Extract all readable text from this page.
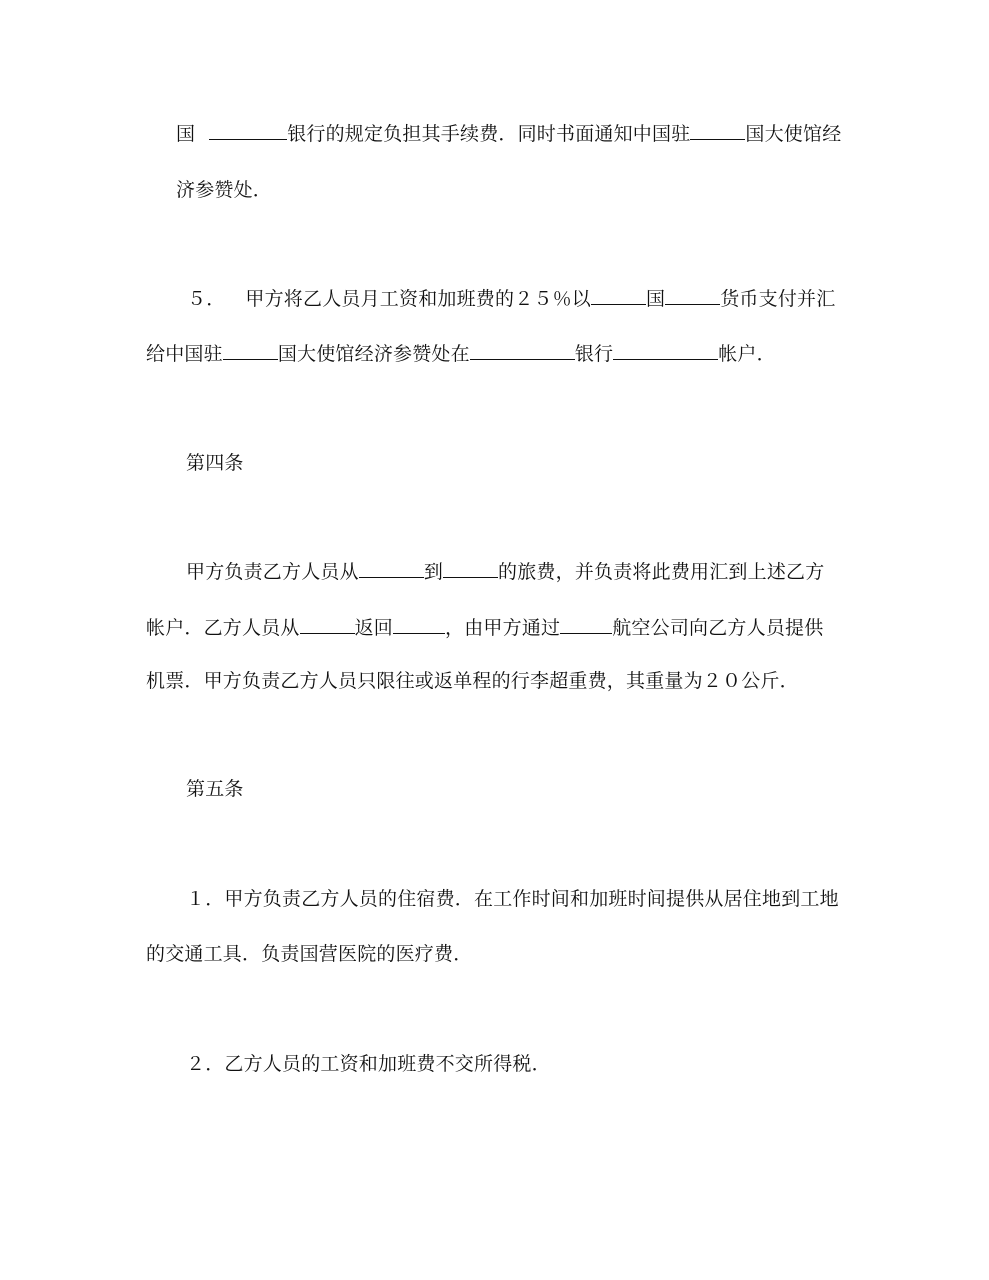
国	银行的规定负担其手续费．同时书面通知中国驻	国大使馆经
济参赞处．
５． 甲方将乙人员月工资和加班费的２５％以	国	货币支付并汇
给中国驻	国大使馆经济参赞处在	银行	帐户．
第四条
甲方负责乙方人员从	到	的旅费，并负责将此费用汇到上述乙方
帐户．乙方人员从	返回	，由甲方通过	航空公司向乙方人员提供
机票．甲方负责乙方人员只限往或返单程的行李超重费，其重量为２０公斤．
第五条
１．甲方负责乙方人员的住宿费．在工作时间和加班时间提供从居住地到工地
的交通工具．负责国营医院的医疗费．
２．乙方人员的工资和加班费不交所得税．
